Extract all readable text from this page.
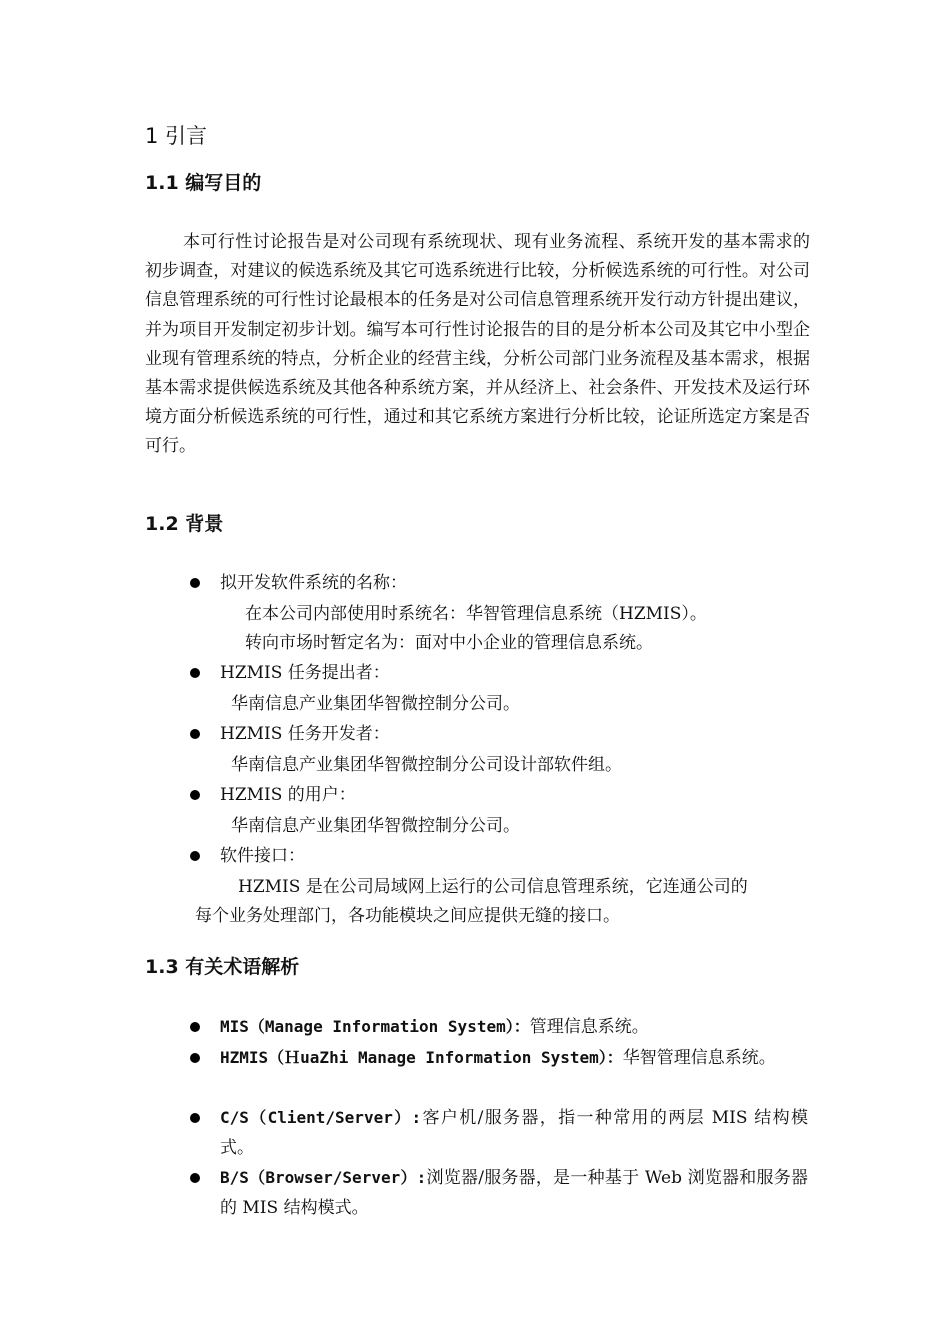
1 引言
1.1 编写目的

本可行性讨论报告是对公司现有系统现状、现有业务流程、系统开发的基本需求的初步调查，对建议的候选系统及其它可选系统进行比较，分析候选系统的可行性。对公司信息管理系统的可行性讨论最根本的任务是对公司信息管理系统开发行动方针提出建议，并为项目开发制定初步计划。编写本可行性讨论报告的目的是分析本公司及其它中小型企业现有管理系统的特点，分析企业的经营主线，分析公司部门业务流程及基本需求，根据基本需求提供候选系统及其他各种系统方案，并从经济上、社会条件、开发技术及运行环境方面分析候选系统的可行性，通过和其它系统方案进行分析比较，论证所选定方案是否可行。

1.2 背景
拟开发软件系统的名称：
在本公司内部使用时系统名：华智管理信息系统（HZMIS）。
转向市场时暂定名为：面对中小企业的管理信息系统。
HZMIS 任务提出者：
华南信息产业集团华智微控制分公司。
HZMIS 任务开发者：
华南信息产业集团华智微控制分公司设计部软件组。
HZMIS 的用户：
华南信息产业集团华智微控制分公司。
软件接口：
HZMIS 是在公司局域网上运行的公司信息管理系统，它连通公司的
每个业务处理部门，各功能模块之间应提供无缝的接口。
1.3 有关术语解析

MIS（Manage Information System）：管理信息系统。

HZMIS（ＨuaZhi Manage Information System）：华智管理信息系统。

C/S（Client/Server）:客户机/服务器，指一种常用的两层 MIS 结构模式。

B/S（Browser/Server）:浏览器/服务器，是一种基于 Web 浏览器和服务器的 MIS 结构模式。
